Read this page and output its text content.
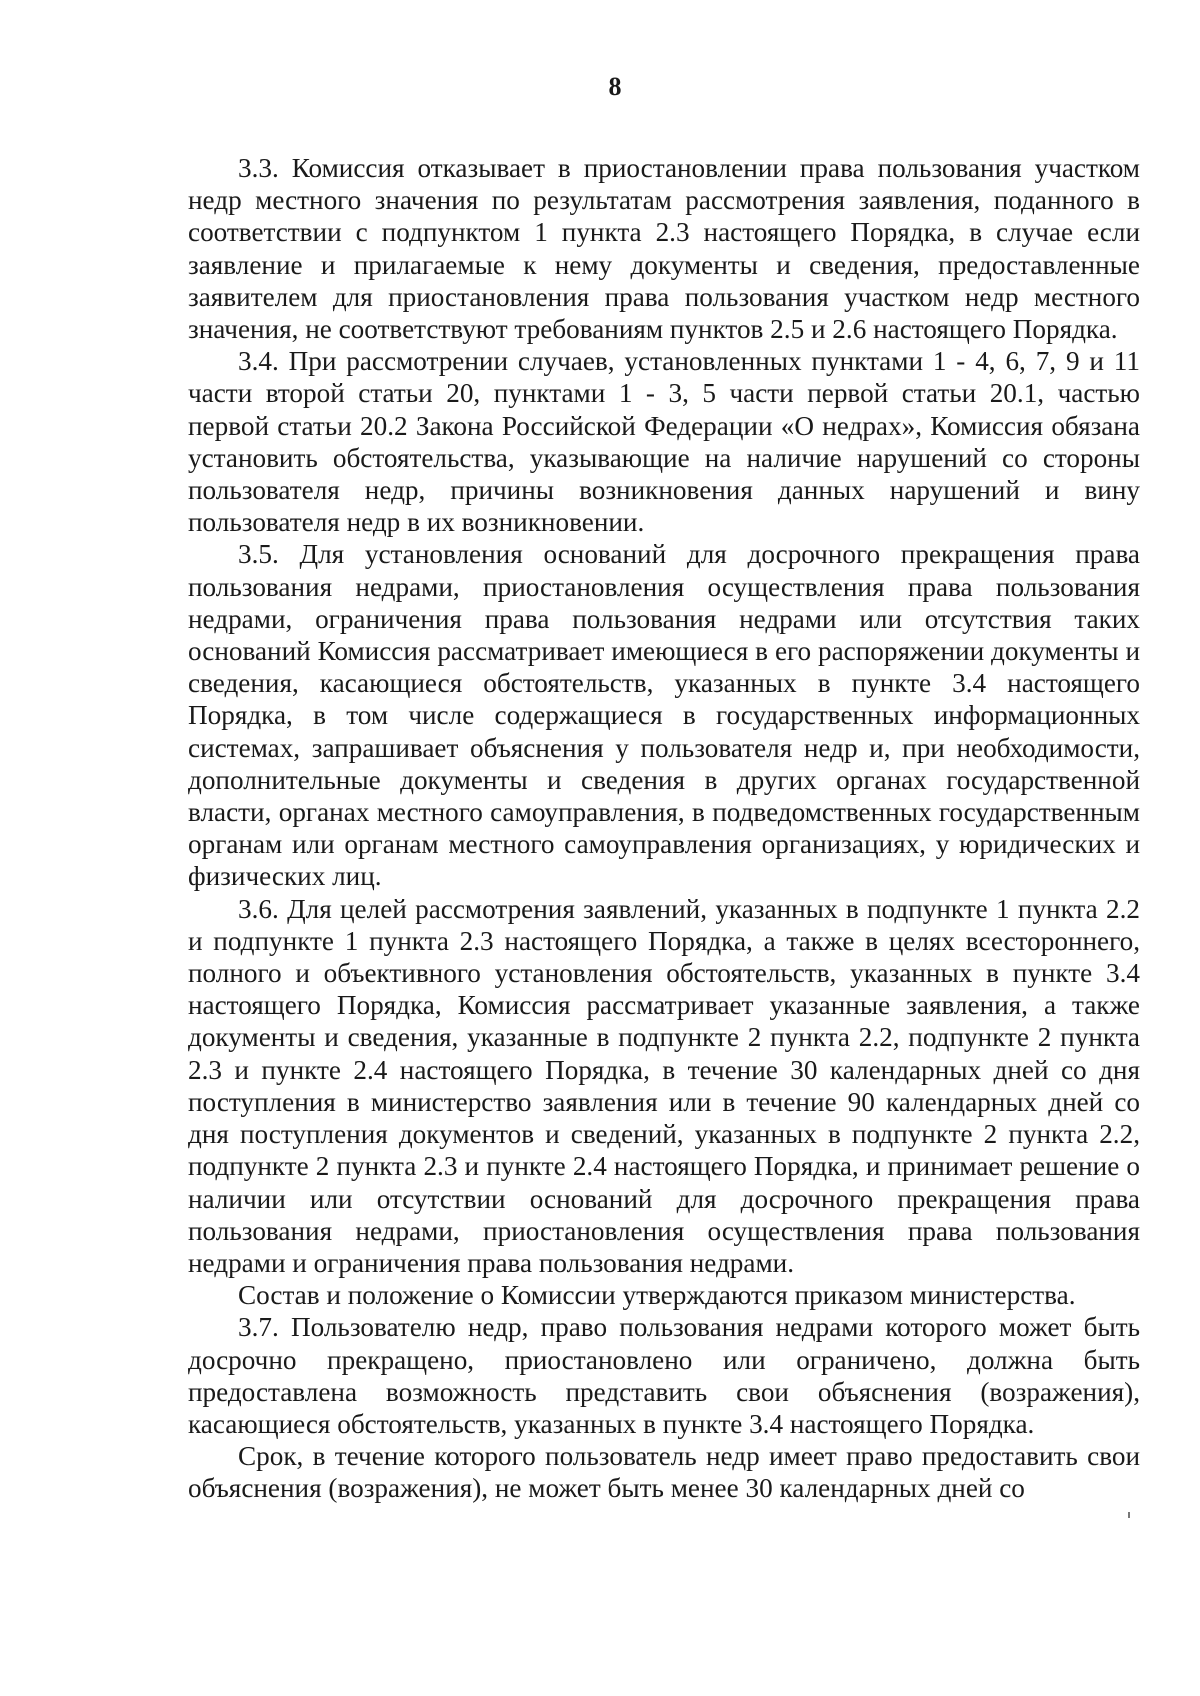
8

3.3. Комиссия отказывает в приостановлении права пользования участком недр местного значения по результатам рассмотрения заявления, поданного в соответствии с подпунктом 1 пункта 2.3 настоящего Порядка, в случае если заявление и прилагаемые к нему документы и сведения, предоставленные заявителем для приостановления права пользования участком недр местного значения, не соответствуют требованиям пунктов 2.5 и 2.6 настоящего Порядка.

3.4. При рассмотрении случаев, установленных пунктами 1 - 4, 6, 7, 9 и 11 части второй статьи 20, пунктами 1 - 3, 5 части первой статьи 20.1, частью первой статьи 20.2 Закона Российской Федерации «О недрах», Комиссия обязана установить обстоятельства, указывающие на наличие нарушений со стороны пользователя недр, причины возникновения данных нарушений и вину пользователя недр в их возникновении.

3.5. Для установления оснований для досрочного прекращения права пользования недрами, приостановления осуществления права пользования недрами, ограничения права пользования недрами или отсутствия таких оснований Комиссия рассматривает имеющиеся в его распоряжении документы и сведения, касающиеся обстоятельств, указанных в пункте 3.4 настоящего Порядка, в том числе содержащиеся в государственных информационных системах, запрашивает объяснения у пользователя недр и, при необходимости, дополнительные документы и сведения в других органах государственной власти, органах местного самоуправления, в подведомственных государственным органам или органам местного самоуправления организациях, у юридических и физических лиц.

3.6. Для целей рассмотрения заявлений, указанных в подпункте 1 пункта 2.2 и подпункте 1 пункта 2.3 настоящего Порядка, а также в целях всестороннего, полного и объективного установления обстоятельств, указанных в пункте 3.4 настоящего Порядка, Комиссия рассматривает указанные заявления, а также документы и сведения, указанные в подпункте 2 пункта 2.2, подпункте 2 пункта 2.3 и пункте 2.4 настоящего Порядка, в течение 30 календарных дней со дня поступления в министерство заявления или в течение 90 календарных дней со дня поступления документов и сведений, указанных в подпункте 2 пункта 2.2, подпункте 2 пункта 2.3 и пункте 2.4 настоящего Порядка, и принимает решение о наличии или отсутствии оснований для досрочного прекращения права пользования недрами, приостановления осуществления права пользования недрами и ограничения права пользования недрами.

Состав и положение о Комиссии утверждаются приказом министерства.

3.7. Пользователю недр, право пользования недрами которого может быть досрочно прекращено, приостановлено или ограничено, должна быть предоставлена возможность представить свои объяснения (возражения), касающиеся обстоятельств, указанных в пункте 3.4 настоящего Порядка.

Срок, в течение которого пользователь недр имеет право предоставить свои объяснения (возражения), не может быть менее 30 календарных дней со
